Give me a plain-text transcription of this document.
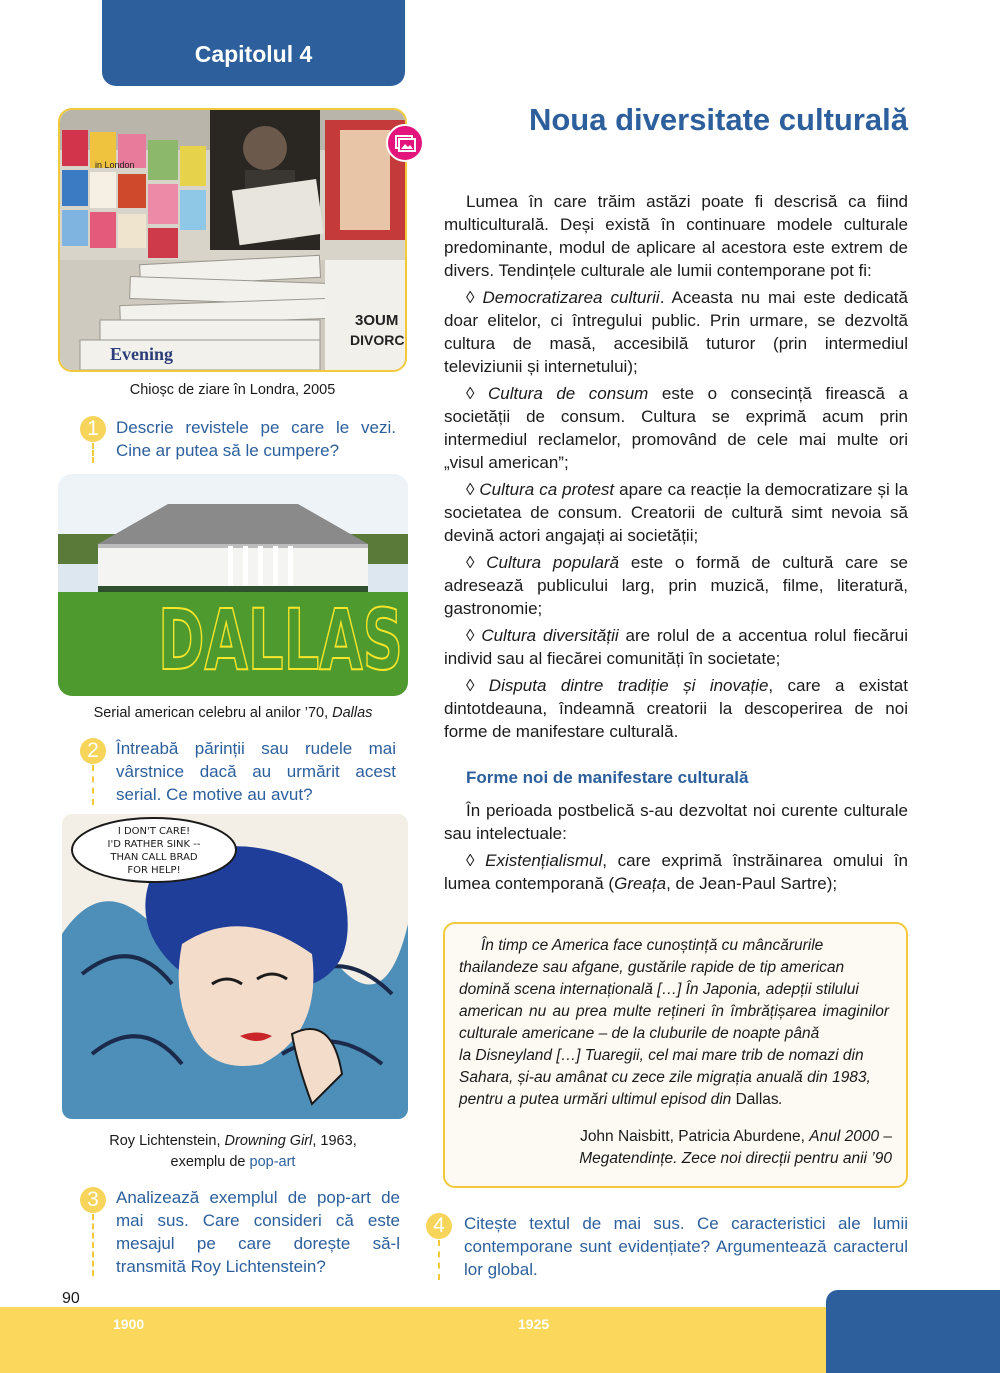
Capitolul 4
Noua diversitate culturală
3OUM
DIVORC
Evening
in London
Chioșc de ziare în Londra, 2005
1	Descrie revistele pe care le vezi. Cine ar putea să le cumpere?
DALLAS
Serial american celebru al anilor ’70, Dallas
2	Întreabă părinții sau rudele mai vârstnice dacă au urmărit acest serial. Ce motive au avut?
I DON'T CARE!
I'D RATHER SINK --
THAN CALL BRAD
FOR HELP!
Roy Lichtenstein, Drowning Girl, 1963,
exemplu de pop-art
3	Analizează exemplul de pop-art de mai sus. Care consideri că este mesajul pe care dorește să-l transmită Roy Lichtenstein?

Lumea în care trăim astăzi poate fi descrisă ca fiind multiculturală. Deși există în continuare modele culturale predominante, modul de aplicare al acestora este extrem de divers. Tendințele culturale ale lumii contemporane pot fi:

◊ Democratizarea culturii. Aceasta nu mai este dedicată doar elitelor, ci întregului public. Prin urmare, se dezvoltă cultura de masă, accesibilă tuturor (prin intermediul televiziunii și internetului);

◊ Cultura de consum este o consecință firească a societății de consum. Cultura se exprimă acum prin intermediul reclamelor, promovând de cele mai multe ori „visul american”;

◊ Cultura ca protest apare ca reacție la democratizare și la societatea de consum. Creatorii de cultură simt nevoia să devină actori angajați ai societății;

◊ Cultura populară este o formă de cultură care se adresează publicului larg, prin muzică, filme, literatură, gastronomie;

◊ Cultura diversității are rolul de a accentua rolul fiecărui individ sau al fiecărei comunități în societate;

◊ Disputa dintre tradiție și inovație, care a existat dintotdeauna, îndeamnă creatorii la descoperirea de noi forme de manifestare culturală.

Forme noi de manifestare culturală

În perioada postbelică s-au dezvoltat noi curente culturale sau intelectuale:

◊ Existențialismul, care exprimă înstrăinarea omului în lumea contemporană (Greața, de Jean-Paul Sartre);

În timp ce America face cunoștință cu mâncărurile
thailandeze sau afgane, gustările rapide de tip american
domină scena internațională […] În Japonia, adepții stilului
american nu au prea multe rețineri în îmbrățișarea imaginilor culturale americane – de la cluburile de noapte până
la Disneyland […] Tuaregii, cel mai mare trib de nomazi din
Sahara, și-au amânat cu zece zile migrația anuală din 1983,
pentru a putea urmări ultimul episod din Dallas.
John Naisbitt, Patricia Aburdene, Anul 2000 –
Megatendințe. Zece noi direcții pentru anii ’90
4	Citește textul de mai sus. Ce caracteristici ale lumii contemporane sunt evidențiate? Argumentează caracterul lor global.
90
1900	1925
